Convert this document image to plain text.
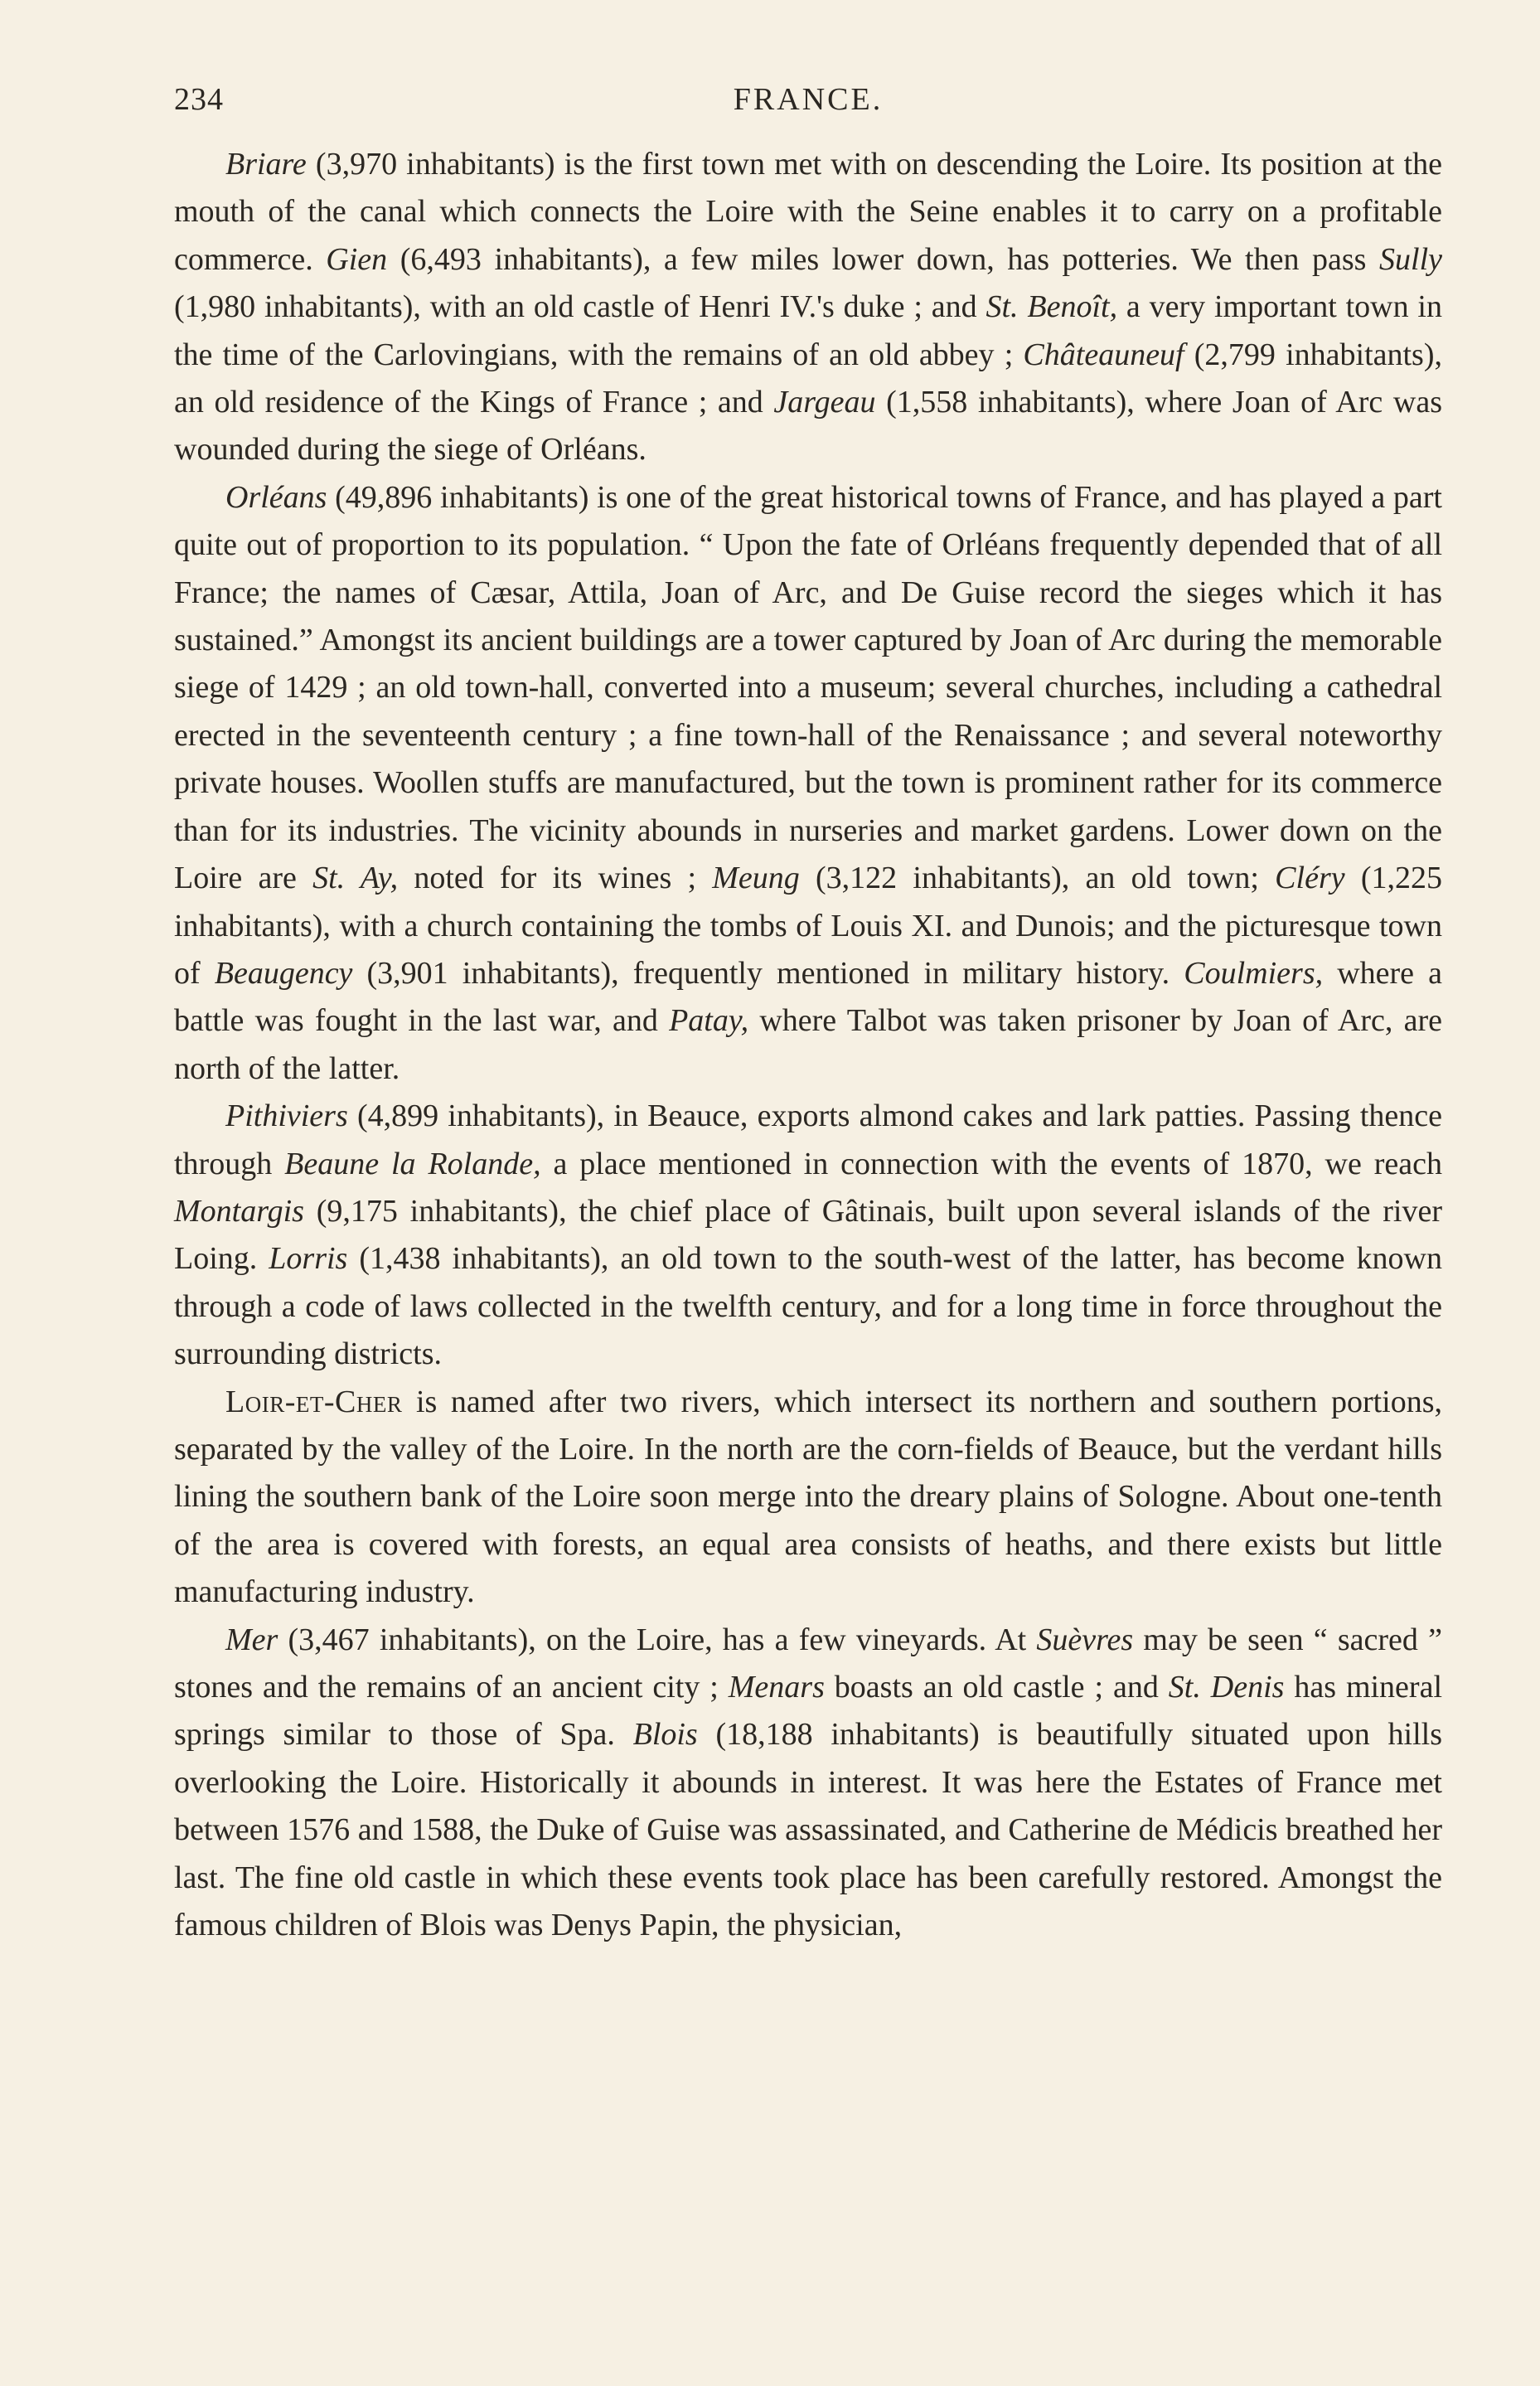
234	FRANCE.

Briare (3,970 inhabitants) is the first town met with on descending the Loire. Its position at the mouth of the canal which connects the Loire with the Seine enables it to carry on a profitable commerce. Gien (6,493 inhabitants), a few miles lower down, has potteries. We then pass Sully (1,980 inhabitants), with an old castle of Henri IV.'s duke ; and St. Benoît, a very important town in the time of the Carlovingians, with the remains of an old abbey ; Châteauneuf (2,799 inhabitants), an old residence of the Kings of France ; and Jargeau (1,558 inhabitants), where Joan of Arc was wounded during the siege of Orléans.

Orléans (49,896 inhabitants) is one of the great historical towns of France, and has played a part quite out of proportion to its population. “ Upon the fate of Orléans frequently depended that of all France; the names of Cæsar, Attila, Joan of Arc, and De Guise record the sieges which it has sustained.” Amongst its ancient buildings are a tower captured by Joan of Arc during the memorable siege of 1429 ; an old town-hall, converted into a museum; several churches, including a cathedral erected in the seventeenth century ; a fine town-hall of the Renaissance ; and several noteworthy private houses. Woollen stuffs are manufactured, but the town is prominent rather for its commerce than for its industries. The vicinity abounds in nurseries and market gardens. Lower down on the Loire are St. Ay, noted for its wines ; Meung (3,122 inhabitants), an old town; Cléry (1,225 inhabitants), with a church containing the tombs of Louis XI. and Dunois; and the picturesque town of Beaugency (3,901 inhabitants), frequently mentioned in military history. Coulmiers, where a battle was fought in the last war, and Patay, where Talbot was taken prisoner by Joan of Arc, are north of the latter.

Pithiviers (4,899 inhabitants), in Beauce, exports almond cakes and lark patties. Passing thence through Beaune la Rolande, a place mentioned in connection with the events of 1870, we reach Montargis (9,175 inhabitants), the chief place of Gâtinais, built upon several islands of the river Loing. Lorris (1,438 inhabitants), an old town to the south-west of the latter, has become known through a code of laws collected in the twelfth century, and for a long time in force throughout the surrounding districts.

Loir-et-Cher is named after two rivers, which intersect its northern and southern portions, separated by the valley of the Loire. In the north are the corn-fields of Beauce, but the verdant hills lining the southern bank of the Loire soon merge into the dreary plains of Sologne. About one-tenth of the area is covered with forests, an equal area consists of heaths, and there exists but little manufacturing industry.

Mer (3,467 inhabitants), on the Loire, has a few vineyards. At Suèvres may be seen “ sacred ” stones and the remains of an ancient city ; Menars boasts an old castle ; and St. Denis has mineral springs similar to those of Spa. Blois (18,188 inhabitants) is beautifully situated upon hills overlooking the Loire. Historically it abounds in interest. It was here the Estates of France met between 1576 and 1588, the Duke of Guise was assassinated, and Catherine de Médicis breathed her last. The fine old castle in which these events took place has been carefully restored. Amongst the famous children of Blois was Denys Papin, the physician,
